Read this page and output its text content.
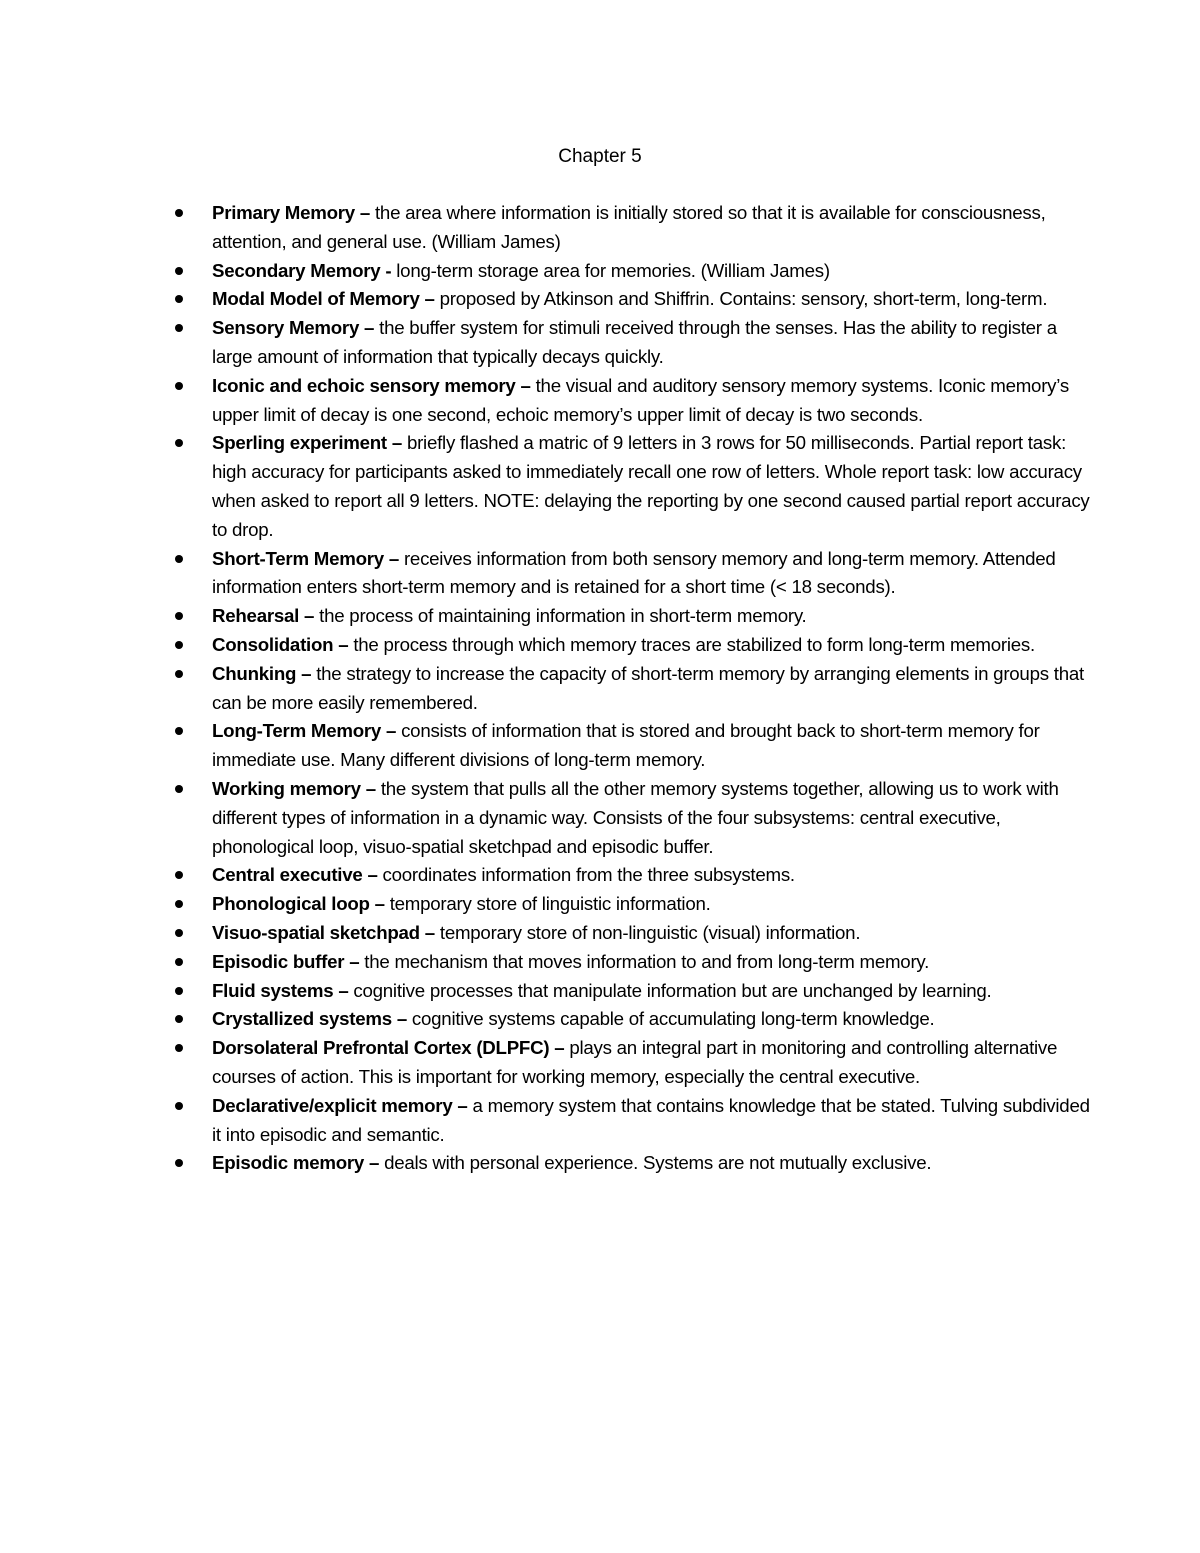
Chapter 5
Primary Memory – the area where information is initially stored so that it is available for consciousness, attention, and general use. (William James)
Secondary Memory - long-term storage area for memories. (William James)
Modal Model of Memory – proposed by Atkinson and Shiffrin. Contains: sensory, short-term, long-term.
Sensory Memory – the buffer system for stimuli received through the senses. Has the ability to register a large amount of information that typically decays quickly.
Iconic and echoic sensory memory – the visual and auditory sensory memory systems. Iconic memory’s upper limit of decay is one second, echoic memory’s upper limit of decay is two seconds.
Sperling experiment – briefly flashed a matric of 9 letters in 3 rows for 50 milliseconds. Partial report task: high accuracy for participants asked to immediately recall one row of letters. Whole report task: low accuracy when asked to report all 9 letters. NOTE: delaying the reporting by one second caused partial report accuracy to drop.
Short-Term Memory – receives information from both sensory memory and long-term memory. Attended information enters short-term memory and is retained for a short time (< 18 seconds).
Rehearsal – the process of maintaining information in short-term memory.
Consolidation – the process through which memory traces are stabilized to form long-term memories.
Chunking – the strategy to increase the capacity of short-term memory by arranging elements in groups that can be more easily remembered.
Long-Term Memory – consists of information that is stored and brought back to short-term memory for immediate use. Many different divisions of long-term memory.
Working memory – the system that pulls all the other memory systems together, allowing us to work with different types of information in a dynamic way. Consists of the four subsystems: central executive, phonological loop, visuo-spatial sketchpad and episodic buffer.
Central executive – coordinates information from the three subsystems.
Phonological loop – temporary store of linguistic information.
Visuo-spatial sketchpad – temporary store of non-linguistic (visual) information.
Episodic buffer – the mechanism that moves information to and from long-term memory.
Fluid systems – cognitive processes that manipulate information but are unchanged by learning.
Crystallized systems – cognitive systems capable of accumulating long-term knowledge.
Dorsolateral Prefrontal Cortex (DLPFC) – plays an integral part in monitoring and controlling alternative courses of action. This is important for working memory, especially the central executive.
Declarative/explicit memory – a memory system that contains knowledge that be stated. Tulving subdivided it into episodic and semantic.
Episodic memory – deals with personal experience. Systems are not mutually exclusive.
